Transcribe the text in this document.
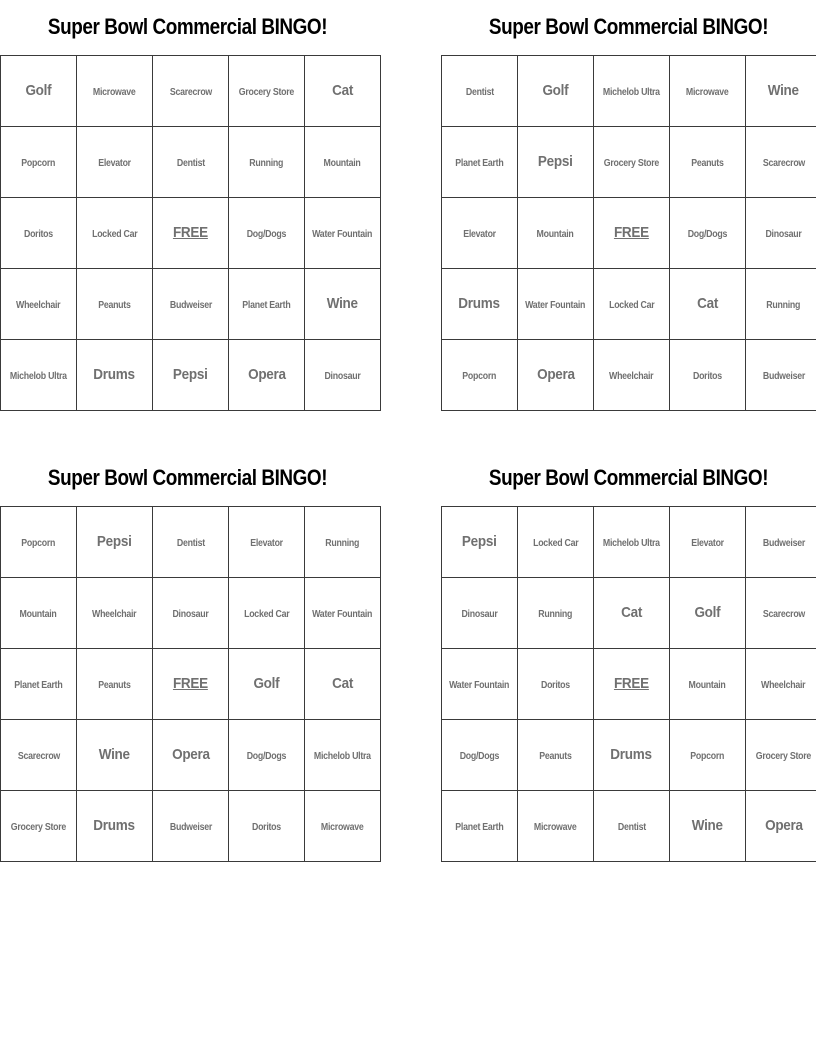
Super Bowl Commercial BINGO!
Golf	Microwave	Scarecrow	Grocery Store	Cat
Popcorn	Elevator	Dentist	Running	Mountain
Doritos	Locked Car	FREE	Dog/Dogs	Water Fountain
Wheelchair	Peanuts	Budweiser	Planet Earth	Wine
Michelob Ultra	Drums	Pepsi	Opera	Dinosaur
Super Bowl Commercial BINGO!
Dentist	Golf	Michelob Ultra	Microwave	Wine
Planet Earth	Pepsi	Grocery Store	Peanuts	Scarecrow
Elevator	Mountain	FREE	Dog/Dogs	Dinosaur
Drums	Water Fountain	Locked Car	Cat	Running
Popcorn	Opera	Wheelchair	Doritos	Budweiser
Super Bowl Commercial BINGO!
Popcorn	Pepsi	Dentist	Elevator	Running
Mountain	Wheelchair	Dinosaur	Locked Car	Water Fountain
Planet Earth	Peanuts	FREE	Golf	Cat
Scarecrow	Wine	Opera	Dog/Dogs	Michelob Ultra
Grocery Store	Drums	Budweiser	Doritos	Microwave
Super Bowl Commercial BINGO!
Pepsi	Locked Car	Michelob Ultra	Elevator	Budweiser
Dinosaur	Running	Cat	Golf	Scarecrow
Water Fountain	Doritos	FREE	Mountain	Wheelchair
Dog/Dogs	Peanuts	Drums	Popcorn	Grocery Store
Planet Earth	Microwave	Dentist	Wine	Opera
